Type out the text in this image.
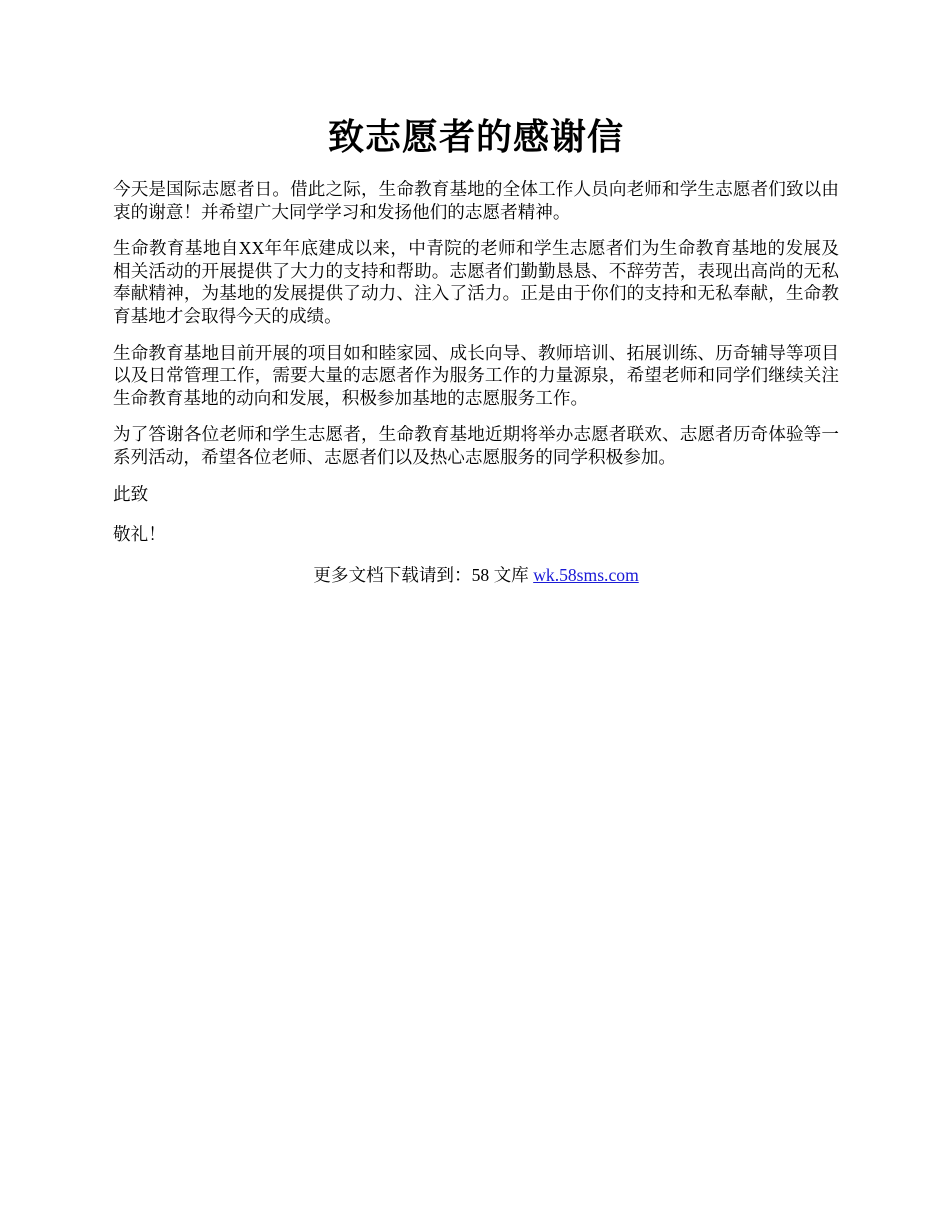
致志愿者的感谢信

今天是国际志愿者日。借此之际，生命教育基地的全体工作人员向老师和学生志愿者们致以由衷的谢意！并希望广大同学学习和发扬他们的志愿者精神。

生命教育基地自XX年年底建成以来，中青院的老师和学生志愿者们为生命教育基地的发展及相关活动的开展提供了大力的支持和帮助。志愿者们勤勤恳恳、不辞劳苦，表现出高尚的无私奉献精神，为基地的发展提供了动力、注入了活力。正是由于你们的支持和无私奉献，生命教育基地才会取得今天的成绩。

生命教育基地目前开展的项目如和睦家园、成长向导、教师培训、拓展训练、历奇辅导等项目以及日常管理工作，需要大量的志愿者作为服务工作的力量源泉，希望老师和同学们继续关注生命教育基地的动向和发展，积极参加基地的志愿服务工作。

为了答谢各位老师和学生志愿者，生命教育基地近期将举办志愿者联欢、志愿者历奇体验等一系列活动，希望各位老师、志愿者们以及热心志愿服务的同学积极参加。

此致

敬礼！

更多文档下载请到：58 文库 wk.58sms.com
